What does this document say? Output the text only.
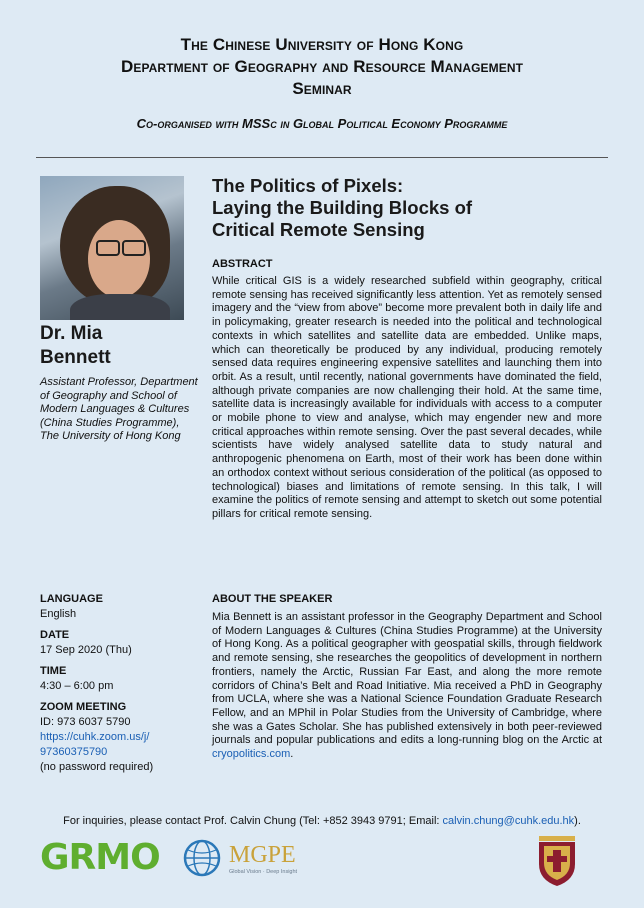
The Chinese University of Hong Kong
Department of Geography and Resource Management
Seminar
Co-organised with MSSc in Global Political Economy Programme
Dr. Mia
Bennett
Assistant Professor, Department of Geography and School of Modern Languages & Cultures (China Studies Programme), The University of Hong Kong
The Politics of Pixels:
Laying the Building Blocks of
Critical Remote Sensing
ABSTRACT
While critical GIS is a widely researched subfield within geography, critical remote sensing has received significantly less attention. Yet as remotely sensed imagery and the “view from above” become more prevalent both in daily life and in policymaking, greater research is needed into the political and technological contexts in which satellites and satellite data are embedded. Unlike maps, which can theoretically be produced by any individual, producing remotely sensed data requires engineering expensive satellites and launching them into orbit. As a result, until recently, national governments have dominated the field, although private companies are now challenging their hold. At the same time, satellite data is increasingly available for individuals with access to a computer or mobile phone to view and analyse, which may engender new and more critical approaches within remote sensing. Over the past several decades, while scientists have widely analysed satellite data to study natural and anthropogenic phenomena on Earth, most of their work has been done within an orthodox context without serious consideration of the political (as opposed to technological) biases and limitations of remote sensing. In this talk, I will examine the politics of remote sensing and attempt to sketch out some potential pillars for critical remote sensing.
ABOUT THE SPEAKER
Mia Bennett is an assistant professor in the Geography Department and School of Modern Languages & Cultures (China Studies Programme) at the University of Hong Kong. As a political geographer with geospatial skills, through fieldwork and remote sensing, she researches the geopolitics of development in northern frontiers, namely the Arctic, Russian Far East, and along the more remote corridors of China’s Belt and Road Initiative. Mia received a PhD in Geography from UCLA, where she was a National Science Foundation Graduate Research Fellow, and an MPhil in Polar Studies from the University of Cambridge, where she was a Gates Scholar. She has published extensively in both peer-reviewed journals and popular publications and edits a long-running blog on the Arctic at cryopolitics.com.
LANGUAGE
English
DATE
17 Sep 2020 (Thu)
TIME
4:30 – 6:00 pm
ZOOM MEETING
ID: 973 6037 5790
https://cuhk.zoom.us/j/
97360375790
(no password required)
For inquiries, please contact Prof. Calvin Chung (Tel: +852 3943 9791; Email: calvin.chung@cuhk.edu.hk).
GRMO	MGPE
Global Vision · Deep Insight
